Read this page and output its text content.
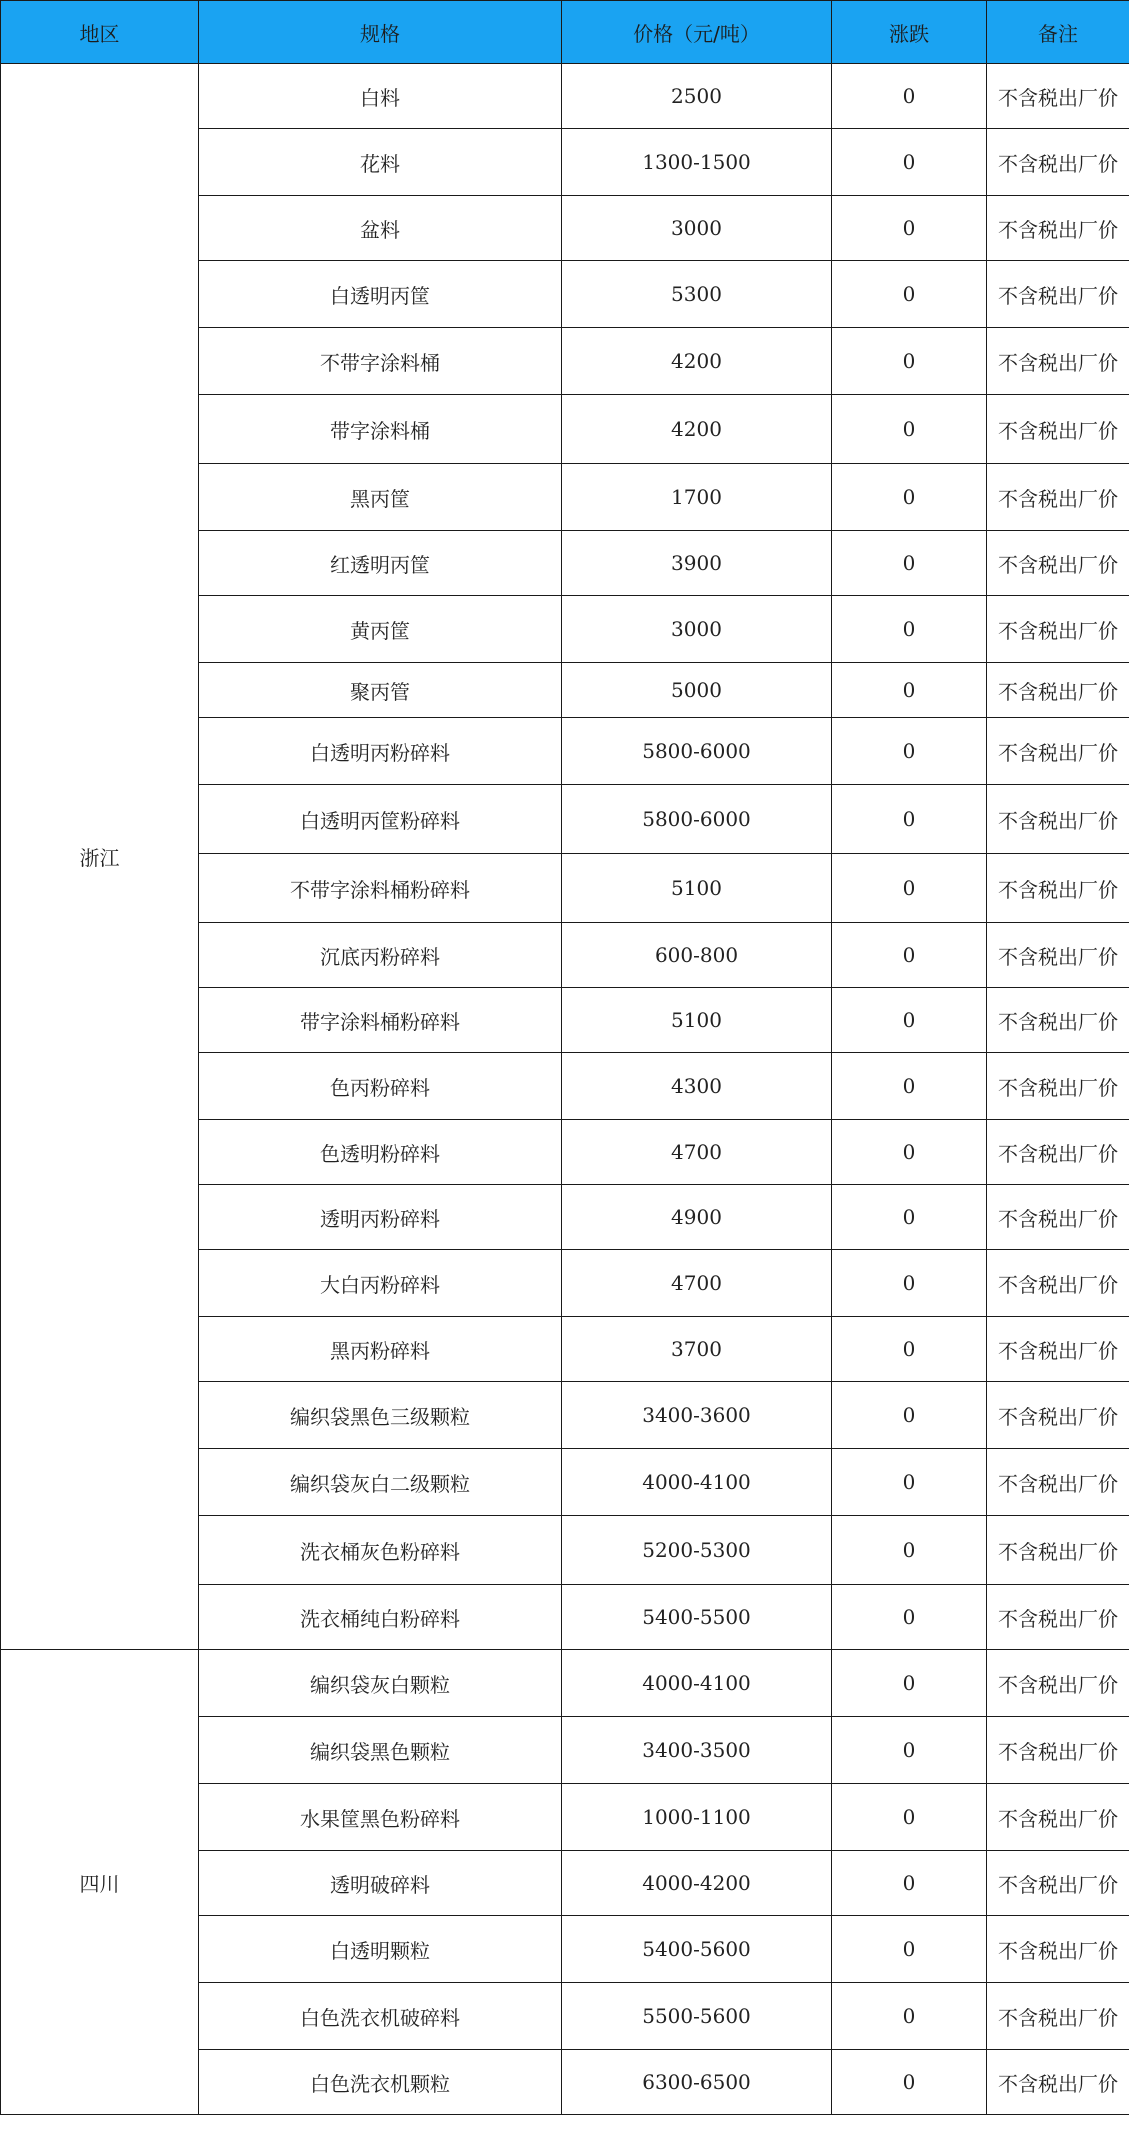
地区	规格	价格（元/吨）	涨跌	备注
浙江	白料	2500	0	不含税出厂价
	花料	1300-1500	0	不含税出厂价
	盆料	3000	0	不含税出厂价
	白透明丙筐	5300	0	不含税出厂价
	不带字涂料桶	4200	0	不含税出厂价
	带字涂料桶	4200	0	不含税出厂价
	黑丙筐	1700	0	不含税出厂价
	红透明丙筐	3900	0	不含税出厂价
	黄丙筐	3000	0	不含税出厂价
	聚丙管	5000	0	不含税出厂价
	白透明丙粉碎料	5800-6000	0	不含税出厂价
	白透明丙筐粉碎料	5800-6000	0	不含税出厂价
	不带字涂料桶粉碎料	5100	0	不含税出厂价
	沉底丙粉碎料	600-800	0	不含税出厂价
	带字涂料桶粉碎料	5100	0	不含税出厂价
	色丙粉碎料	4300	0	不含税出厂价
	色透明粉碎料	4700	0	不含税出厂价
	透明丙粉碎料	4900	0	不含税出厂价
	大白丙粉碎料	4700	0	不含税出厂价
	黑丙粉碎料	3700	0	不含税出厂价
	编织袋黑色三级颗粒	3400-3600	0	不含税出厂价
	编织袋灰白二级颗粒	4000-4100	0	不含税出厂价
	洗衣桶灰色粉碎料	5200-5300	0	不含税出厂价
	洗衣桶纯白粉碎料	5400-5500	0	不含税出厂价
四川	编织袋灰白颗粒	4000-4100	0	不含税出厂价
	编织袋黑色颗粒	3400-3500	0	不含税出厂价
	水果筐黑色粉碎料	1000-1100	0	不含税出厂价
	透明破碎料	4000-4200	0	不含税出厂价
	白透明颗粒	5400-5600	0	不含税出厂价
	白色洗衣机破碎料	5500-5600	0	不含税出厂价
	白色洗衣机颗粒	6300-6500	0	不含税出厂价
